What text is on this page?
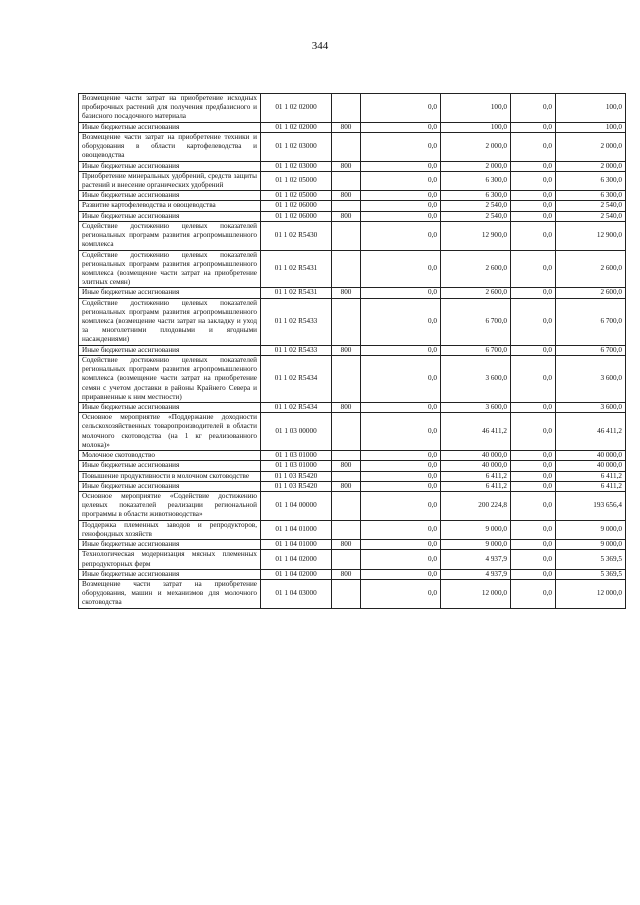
344
Возмещение части затрат на приобретение исходных пробирочных растений для получения предбазисного и базисного посадочного материала	01 1 02 02000		0,0	100,0	0,0	100,0
Иные бюджетные ассигнования	01 1 02 02000	800	0,0	100,0	0,0	100,0
Возмещение части затрат на приобретение техники и оборудования в области картофелеводства и овощеводства	01 1 02 03000		0,0	2 000,0	0,0	2 000,0
Иные бюджетные ассигнования	01 1 02 03000	800	0,0	2 000,0	0,0	2 000,0
Приобретение минеральных удобрений, средств защиты растений и внесение органических удобрений	01 1 02 05000		0,0	6 300,0	0,0	6 300,0
Иные бюджетные ассигнования	01 1 02 05000	800	0,0	6 300,0	0,0	6 300,0
Развитие картофелеводства и овощеводства	01 1 02 06000		0,0	2 540,0	0,0	2 540,0
Иные бюджетные ассигнования	01 1 02 06000	800	0,0	2 540,0	0,0	2 540,0
Содействие достижению целевых показателей региональных программ развития агропромышленного комплекса	01 1 02 R5430		0,0	12 900,0	0,0	12 900,0
Содействие достижению целевых показателей региональных программ развития агропромышленного комплекса (возмещение части затрат на приобретение элитных семян)	01 1 02 R5431		0,0	2 600,0	0,0	2 600,0
Иные бюджетные ассигнования	01 1 02 R5431	800	0,0	2 600,0	0,0	2 600,0
Содействие достижению целевых показателей региональных программ развития агропромышленного комплекса (возмещение части затрат на закладку и уход за многолетними плодовыми и ягодными насаждениями)	01 1 02 R5433		0,0	6 700,0	0,0	6 700,0
Иные бюджетные ассигнования	01 1 02 R5433	800	0,0	6 700,0	0,0	6 700,0
Содействие достижению целевых показателей региональных программ развития агропромышленного комплекса (возмещение части затрат на приобретение семян с учетом доставки в районы Крайнего Севера и приравненные к ним местности)	01 1 02 R5434		0,0	3 600,0	0,0	3 600,0
Иные бюджетные ассигнования	01 1 02 R5434	800	0,0	3 600,0	0,0	3 600,0
Основное мероприятие «Поддержание доходности сельскохозяйственных товаропроизводителей в области молочного скотоводства (на 1 кг реализованного молока)»	01 1 03 00000		0,0	46 411,2	0,0	46 411,2
Молочное скотоводство	01 1 03 01000		0,0	40 000,0	0,0	40 000,0
Иные бюджетные ассигнования	01 1 03 01000	800	0,0	40 000,0	0,0	40 000,0
Повышение продуктивности в молочном скотоводстве	01 1 03 R5420		0,0	6 411,2	0,0	6 411,2
Иные бюджетные ассигнования	01 1 03 R5420	800	0,0	6 411,2	0,0	6 411,2
Основное мероприятие «Содействие достижению целевых показателей реализации региональной программы в области животноводства»	01 1 04 00000		0,0	200 224,8	0,0	193 656,4
Поддержка племенных заводов и репродукторов, генофондных хозяйств	01 1 04 01000		0,0	9 000,0	0,0	9 000,0
Иные бюджетные ассигнования	01 1 04 01000	800	0,0	9 000,0	0,0	9 000,0
Технологическая модернизация мясных племенных репродукторных ферм	01 1 04 02000		0,0	4 937,9	0,0	5 369,5
Иные бюджетные ассигнования	01 1 04 02000	800	0,0	4 937,9	0,0	5 369,5
Возмещение части затрат на приобретение оборудования, машин и механизмов для молочного скотоводства	01 1 04 03000		0,0	12 000,0	0,0	12 000,0
